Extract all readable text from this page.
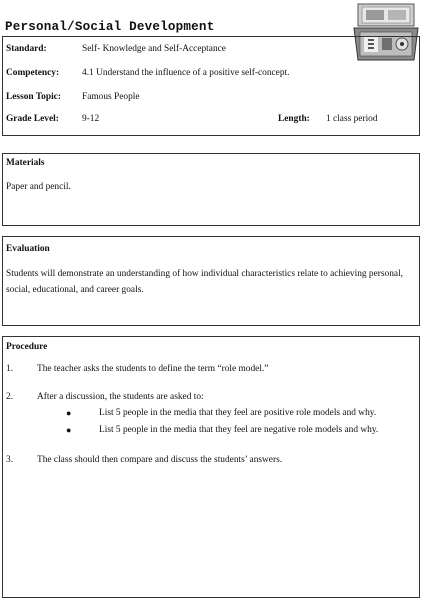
Personal/Social Development
Standard:	Self- Knowledge and Self-Acceptance
Competency: 4.1 Understand the influence of a positive self-concept.
Lesson Topic: Famous People
Grade Level: 9-12	Length: 1 class period
Materials
Paper and pencil.
Evaluation
Students will demonstrate an understanding of how individual characteristics relate to achieving personal, social, educational, and career goals.
Procedure
1.	The teacher asks the students to define the term “role model.”
2.	After a discussion, the students are asked to:
●	List 5 people in the media that they feel are positive role models and why.
●	List 5 people in the media that they feel are negative role models and why.
3.	The class should then compare and discuss the students’ answers.
